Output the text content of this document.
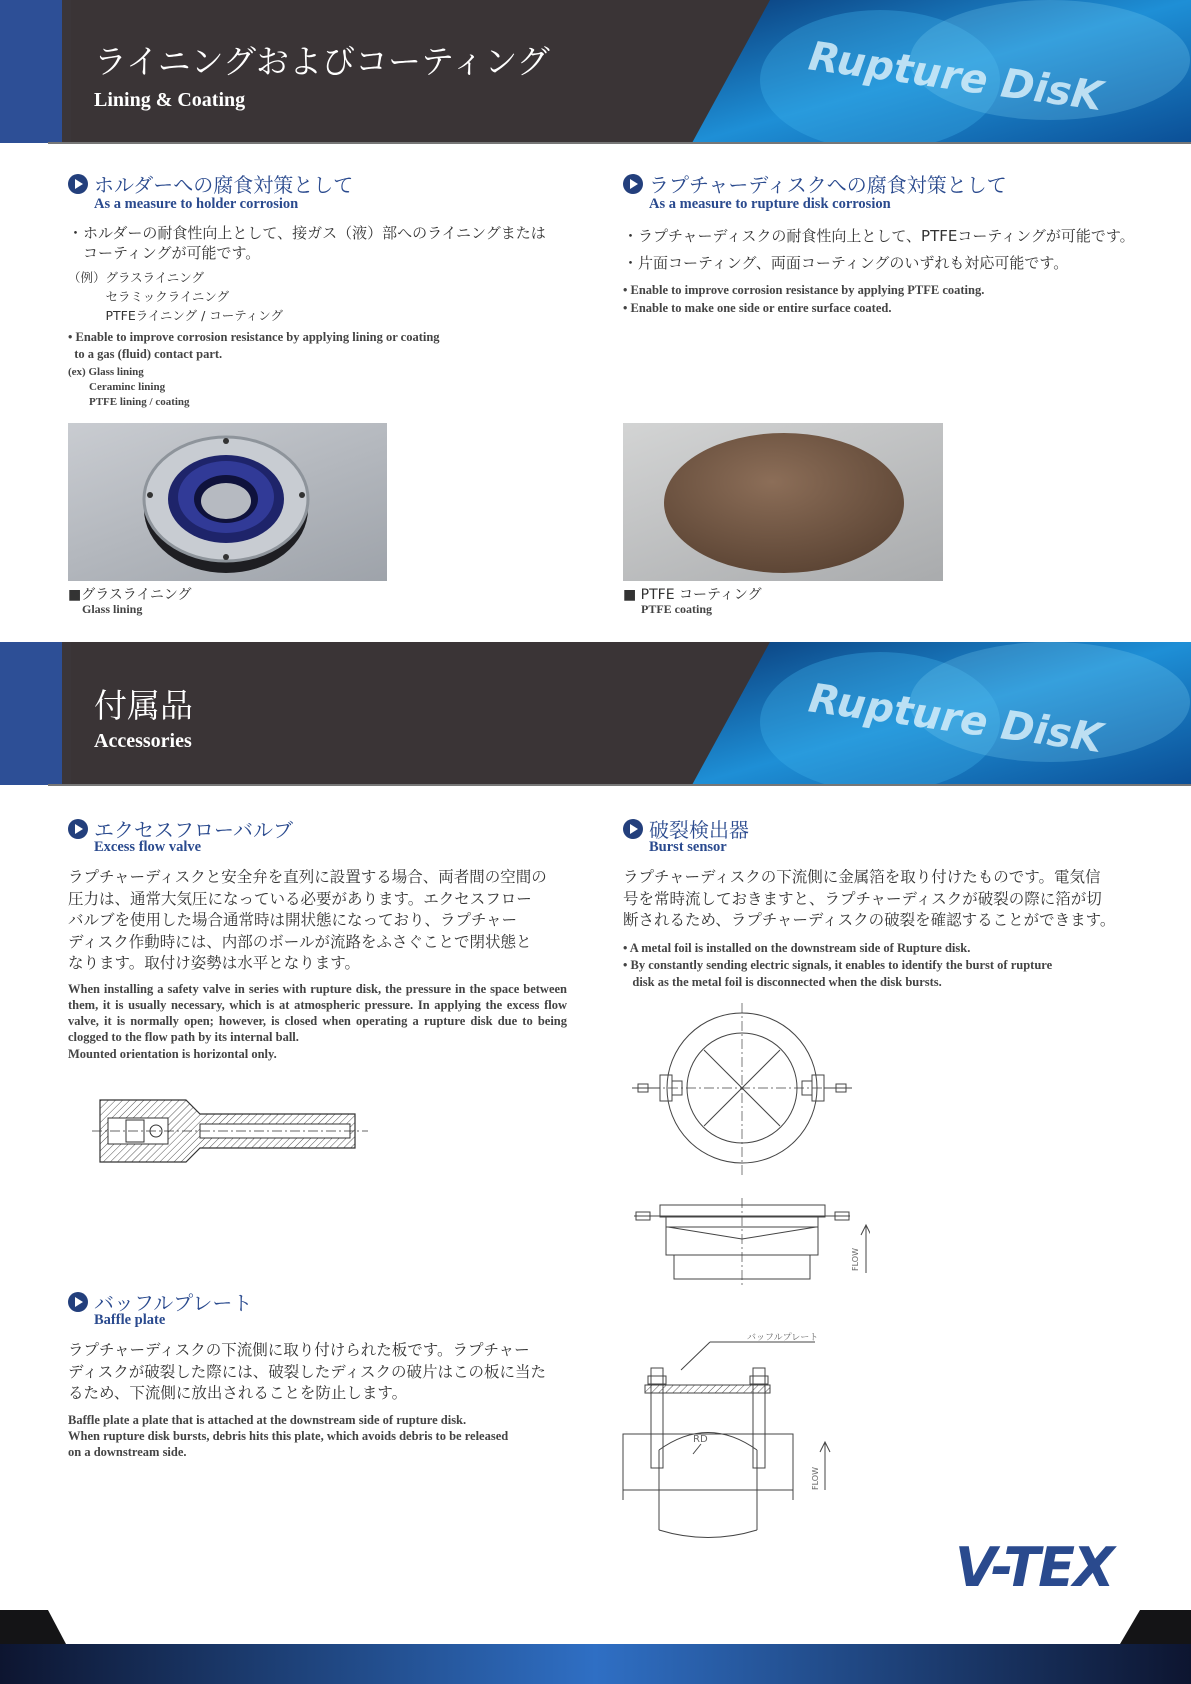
Rupture DisK
ライニングおよびコーティング
Lining & Coating
ホルダーへの腐食対策として
As a measure to holder corrosion
・ホルダーの耐食性向上として、接ガス（液）部へのライニングまたは
　コーティングが可能です。
（例）グラスライニング
　　　セラミックライニング
　　　PTFEライニング / コーティング
• Enable to improve corrosion resistance by applying lining or coating
to a gas (fluid) contact part.
(ex) Glass lining
Ceraminc lining
PTFE lining / coating
■グラスライニング
Glass lining
ラプチャーディスクへの腐食対策として
As a measure to rupture disk corrosion
・ラプチャーディスクの耐食性向上として、PTFEコーティングが可能です。
・片面コーティング、両面コーティングのいずれも対応可能です。
• Enable to improve corrosion resistance by applying PTFE coating.
• Enable to make one side or entire surface coated.
■ PTFE コーティング
PTFE coating
Rupture DisK
付属品
Accessories
エクセスフローバルブ
Excess flow valve
ラプチャーディスクと安全弁を直列に設置する場合、両者間の空間の
圧力は、通常大気圧になっている必要があります。エクセスフロー
バルブを使用した場合通常時は開状態になっており、ラプチャー
ディスク作動時には、内部のボールが流路をふさぐことで閉状態と
なります。取付け姿勢は水平となります。
When installing a safety valve in series with rupture disk, the pressure in the space between them, it is usually necessary, which is at atmospheric pressure. In applying the excess flow valve, it is normally open; however, is closed when operating a rupture disk due to being clogged to the flow path by its internal ball.
Mounted orientation is horizontal only.
破裂検出器
Burst sensor
ラプチャーディスクの下流側に金属箔を取り付けたものです。電気信
号を常時流しておきますと、ラプチャーディスクが破裂の際に箔が切
断されるため、ラプチャーディスクの破裂を確認することができます。
• A metal foil is installed on the downstream side of Rupture disk.
• By constantly sending electric signals, it enables to identify the burst of rupture
disk as the metal foil is disconnected when the disk bursts.
FLOW
バッフルプレート
Baffle plate
ラプチャーディスクの下流側に取り付けられた板です。ラプチャー
ディスクが破裂した際には、破裂したディスクの破片はこの板に当た
るため、下流側に放出されることを防止します。
Baffle plate a plate that is attached at the downstream side of rupture disk.
When rupture disk bursts, debris hits this plate, which avoids debris to be released
on a downstream side.
バッフルプレート
RD
FLOW
V-TEX
